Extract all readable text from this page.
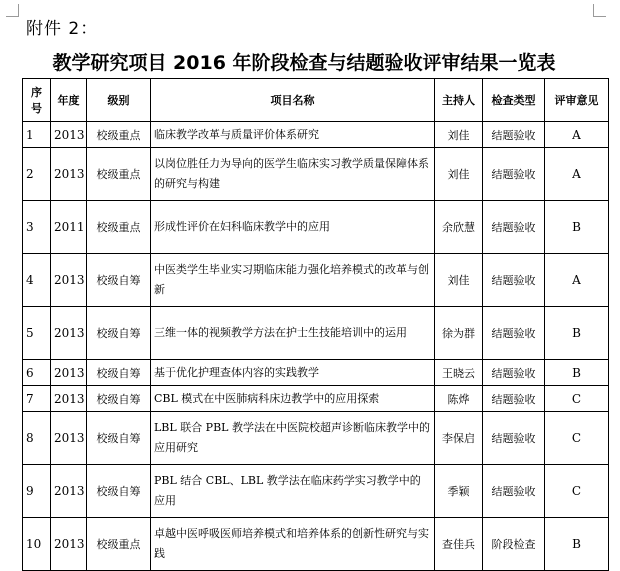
附件 2：
教学研究项目 2016 年阶段检查与结题验收评审结果一览表
序号	年度	级别	项目名称	主持人	检查类型	评审意见
1	2013	校级重点	临床教学改革与质量评价体系研究	刘佳	结题验收	A
2	2013	校级重点	以岗位胜任力为导向的医学生临床实习教学质量保障体系的研究与构建	刘佳	结题验收	A
3	2011	校级重点	形成性评价在妇科临床教学中的应用	余欣慧	结题验收	B
4	2013	校级自筹	中医类学生毕业实习期临床能力强化培养模式的改革与创新	刘佳	结题验收	A
5	2013	校级自筹	三维一体的视频教学方法在护士生技能培训中的运用	徐为群	结题验收	B
6	2013	校级自筹	基于优化护理查体内容的实践教学	王晓云	结题验收	B
7	2013	校级自筹	CBL 模式在中医肺病科床边教学中的应用探索	陈烨	结题验收	C
8	2013	校级自筹	LBL 联合 PBL 教学法在中医院校超声诊断临床教学中的应用研究	李保启	结题验收	C
9	2013	校级自筹	PBL 结合 CBL、LBL 教学法在临床药学实习教学中的应用	季颖	结题验收	C
10	2013	校级重点	卓越中医呼吸医师培养模式和培养体系的创新性研究与实践	查佳兵	阶段检查	B
